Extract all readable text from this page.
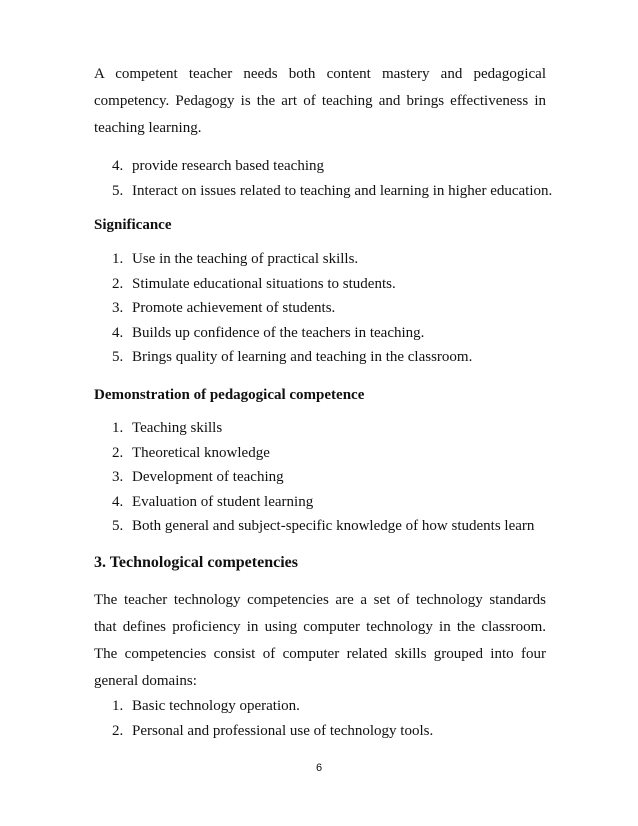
A competent teacher needs both content mastery and pedagogical competency. Pedagogy is the art of teaching and brings effectiveness in teaching learning.

4. provide research based teaching
5. Interact on issues related to teaching and learning in higher education.
Significance
1. Use in the teaching of practical skills.
2. Stimulate educational situations to students.
3. Promote achievement of students.
4. Builds up confidence of the teachers in teaching.
5. Brings quality of learning and teaching in the classroom.
Demonstration of pedagogical competence
1. Teaching skills
2. Theoretical knowledge
3. Development of teaching
4. Evaluation of student learning
5. Both general and subject-specific knowledge of how students learn
3. Technological competencies

The teacher technology competencies are a set of technology standards that defines proficiency in using computer technology in the classroom. The competencies consist of computer related skills grouped into four general domains:

1. Basic technology operation.
2. Personal and professional use of technology tools.
6
